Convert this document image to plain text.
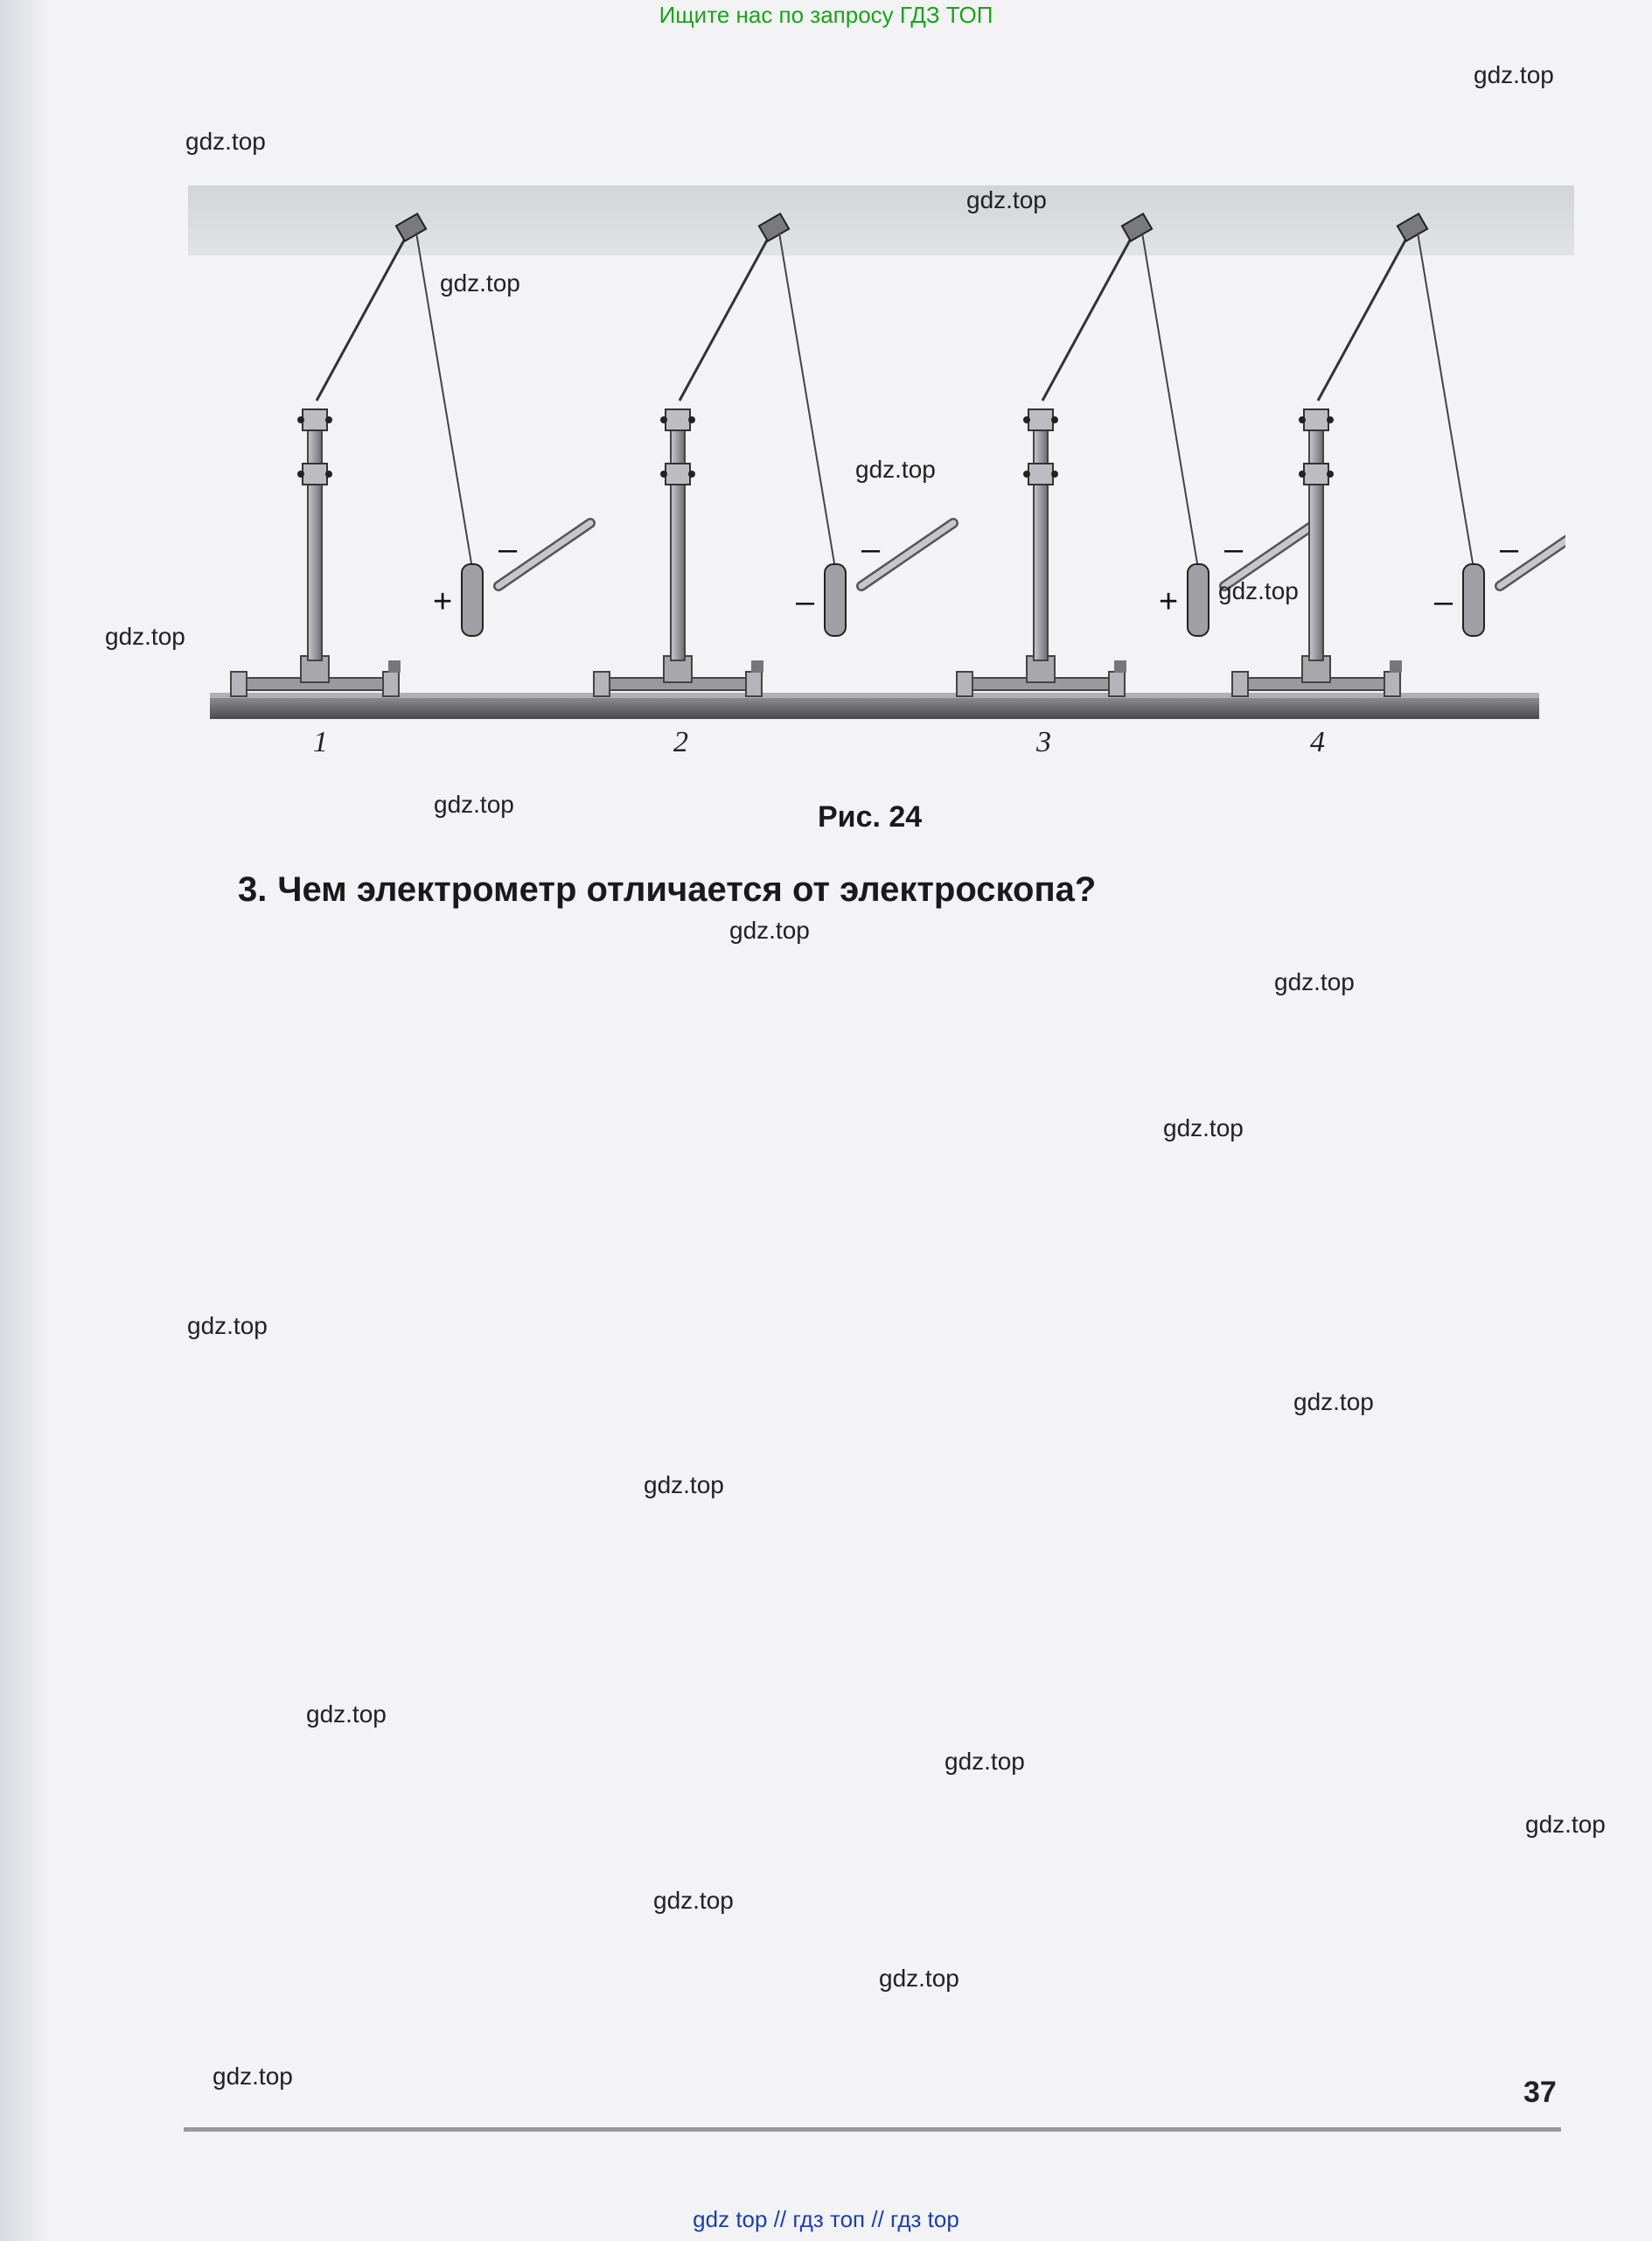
Ищите нас по запросу ГДЗ ТОП
+
–
–
–
+
–
–
–
1	2	3	4
Рис. 24
3. Чем электрометр отличается от электроскопа?
gdz.top
gdz.top
gdz.top
gdz.top
gdz.top
gdz.top
gdz.top
gdz.top
gdz.top
gdz.top
gdz.top
gdz.top
gdz.top
gdz.top
gdz.top
gdz.top
gdz.top
gdz.top
gdz.top
gdz.top	37
gdz top // гдз топ // гдз top
